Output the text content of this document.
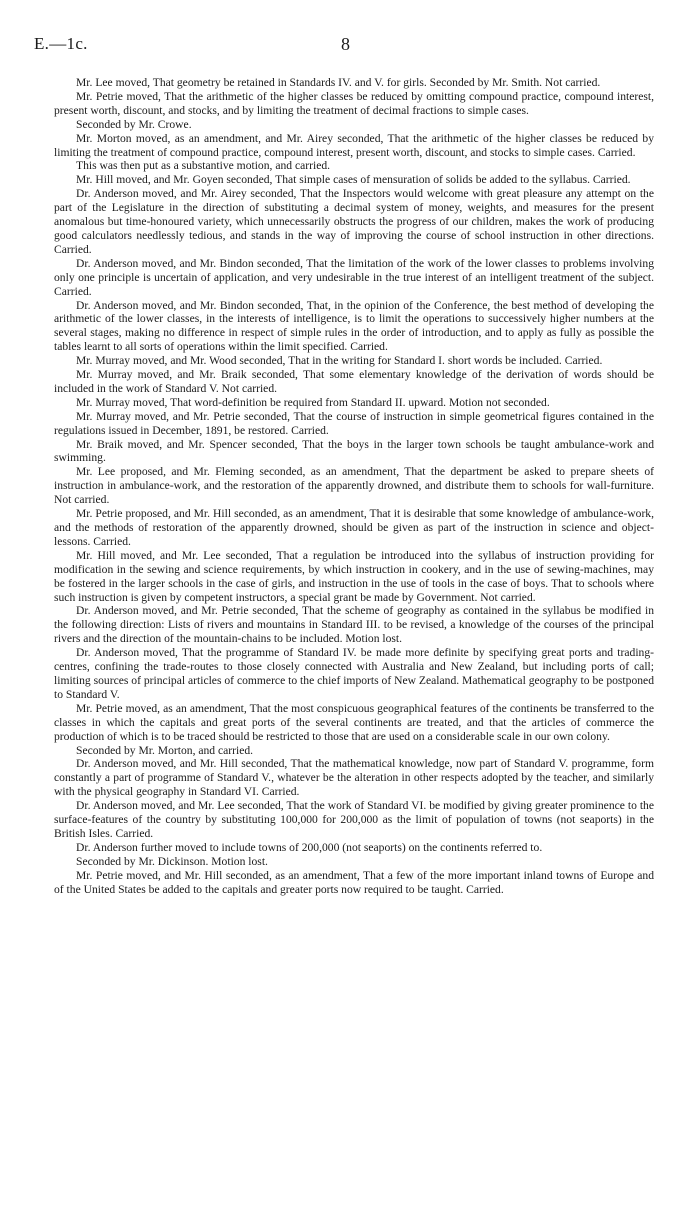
E.—1c.	8

Mr. Lee moved, That geometry be retained in Standards IV. and V. for girls. Seconded by Mr. Smith. Not carried.

Mr. Petrie moved, That the arithmetic of the higher classes be reduced by omitting compound practice, compound interest, present worth, discount, and stocks, and by limiting the treatment of decimal fractions to simple cases.

Seconded by Mr. Crowe.

Mr. Morton moved, as an amendment, and Mr. Airey seconded, That the arithmetic of the higher classes be reduced by limiting the treatment of compound practice, compound interest, present worth, discount, and stocks to simple cases. Carried.

This was then put as a substantive motion, and carried.

Mr. Hill moved, and Mr. Goyen seconded, That simple cases of mensuration of solids be added to the syllabus. Carried.

Dr. Anderson moved, and Mr. Airey seconded, That the Inspectors would welcome with great pleasure any attempt on the part of the Legislature in the direction of substituting a decimal system of money, weights, and measures for the present anomalous but time-honoured variety, which unnecessarily obstructs the progress of our children, makes the work of producing good calculators needlessly tedious, and stands in the way of improving the course of school instruction in other directions. Carried.

Dr. Anderson moved, and Mr. Bindon seconded, That the limitation of the work of the lower classes to problems involving only one principle is uncertain of application, and very undesirable in the true interest of an intelligent treatment of the subject. Carried.

Dr. Anderson moved, and Mr. Bindon seconded, That, in the opinion of the Conference, the best method of developing the arithmetic of the lower classes, in the interests of intelligence, is to limit the operations to successively higher numbers at the several stages, making no difference in respect of simple rules in the order of introduction, and to apply as fully as possible the tables learnt to all sorts of operations within the limit specified. Carried.

Mr. Murray moved, and Mr. Wood seconded, That in the writing for Standard I. short words be included. Carried.

Mr. Murray moved, and Mr. Braik seconded, That some elementary knowledge of the derivation of words should be included in the work of Standard V. Not carried.

Mr. Murray moved, That word-definition be required from Standard II. upward. Motion not seconded.

Mr. Murray moved, and Mr. Petrie seconded, That the course of instruction in simple geometrical figures contained in the regulations issued in December, 1891, be restored. Carried.

Mr. Braik moved, and Mr. Spencer seconded, That the boys in the larger town schools be taught ambulance-work and swimming.

Mr. Lee proposed, and Mr. Fleming seconded, as an amendment, That the department be asked to prepare sheets of instruction in ambulance-work, and the restoration of the apparently drowned, and distribute them to schools for wall-furniture. Not carried.

Mr. Petrie proposed, and Mr. Hill seconded, as an amendment, That it is desirable that some knowledge of ambulance-work, and the methods of restoration of the apparently drowned, should be given as part of the instruction in science and object-lessons. Carried.

Mr. Hill moved, and Mr. Lee seconded, That a regulation be introduced into the syllabus of instruction providing for modification in the sewing and science requirements, by which instruction in cookery, and in the use of sewing-machines, may be fostered in the larger schools in the case of girls, and instruction in the use of tools in the case of boys. That to schools where such instruction is given by competent instructors, a special grant be made by Government. Not carried.

Dr. Anderson moved, and Mr. Petrie seconded, That the scheme of geography as contained in the syllabus be modified in the following direction: Lists of rivers and mountains in Standard III. to be revised, a knowledge of the courses of the principal rivers and the direction of the mountain-chains to be included. Motion lost.

Dr. Anderson moved, That the programme of Standard IV. be made more definite by specifying great ports and trading-centres, confining the trade-routes to those closely connected with Australia and New Zealand, but including ports of call; limiting sources of principal articles of commerce to the chief imports of New Zealand. Mathematical geography to be postponed to Standard V.

Mr. Petrie moved, as an amendment, That the most conspicuous geographical features of the continents be transferred to the classes in which the capitals and great ports of the several continents are treated, and that the articles of commerce the production of which is to be traced should be restricted to those that are used on a considerable scale in our own colony.

Seconded by Mr. Morton, and carried.

Dr. Anderson moved, and Mr. Hill seconded, That the mathematical knowledge, now part of Standard V. programme, form constantly a part of programme of Standard V., whatever be the alteration in other respects adopted by the teacher, and similarly with the physical geography in Standard VI. Carried.

Dr. Anderson moved, and Mr. Lee seconded, That the work of Standard VI. be modified by giving greater prominence to the surface-features of the country by substituting 100,000 for 200,000 as the limit of population of towns (not seaports) in the British Isles. Carried.

Dr. Anderson further moved to include towns of 200,000 (not seaports) on the continents referred to.

Seconded by Mr. Dickinson. Motion lost.

Mr. Petrie moved, and Mr. Hill seconded, as an amendment, That a few of the more important inland towns of Europe and of the United States be added to the capitals and greater ports now required to be taught. Carried.
